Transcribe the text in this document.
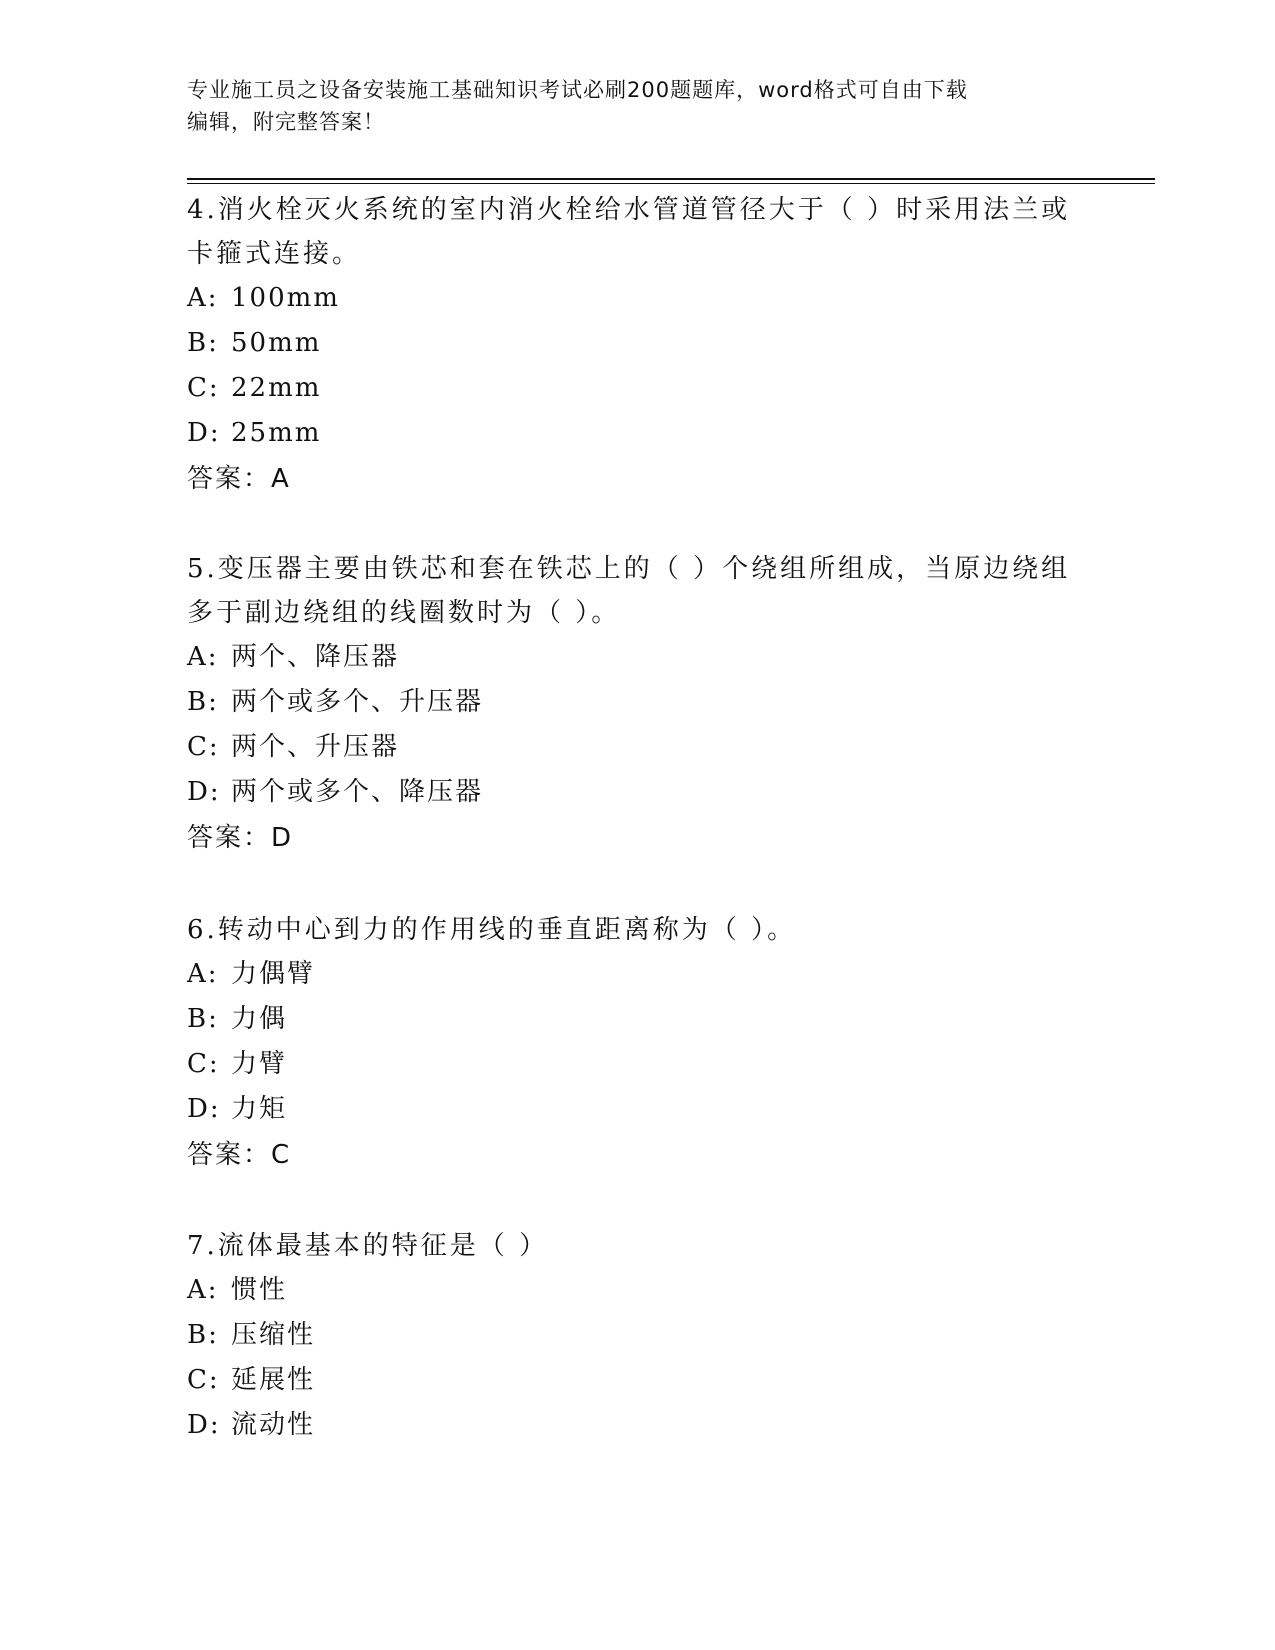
专业施工员之设备安装施工基础知识考试必刷200题题库，word格式可自由下载
编辑，附完整答案！

4.消火栓灭火系统的室内消火栓给水管道管径大于（ ）时采用法兰或

卡箍式连接。

A: 100mm

B: 50mm

C: 22mm

D: 25mm

答案：A

5.变压器主要由铁芯和套在铁芯上的（ ）个绕组所组成，当原边绕组

多于副边绕组的线圈数时为（ ）。

A: 两个、降压器

B: 两个或多个、升压器

C: 两个、升压器

D: 两个或多个、降压器

答案：D

6.转动中心到力的作用线的垂直距离称为（ ）。

A: 力偶臂

B: 力偶

C: 力臂

D: 力矩

答案：C

7.流体最基本的特征是（ ）

A: 惯性

B: 压缩性

C: 延展性

D: 流动性
